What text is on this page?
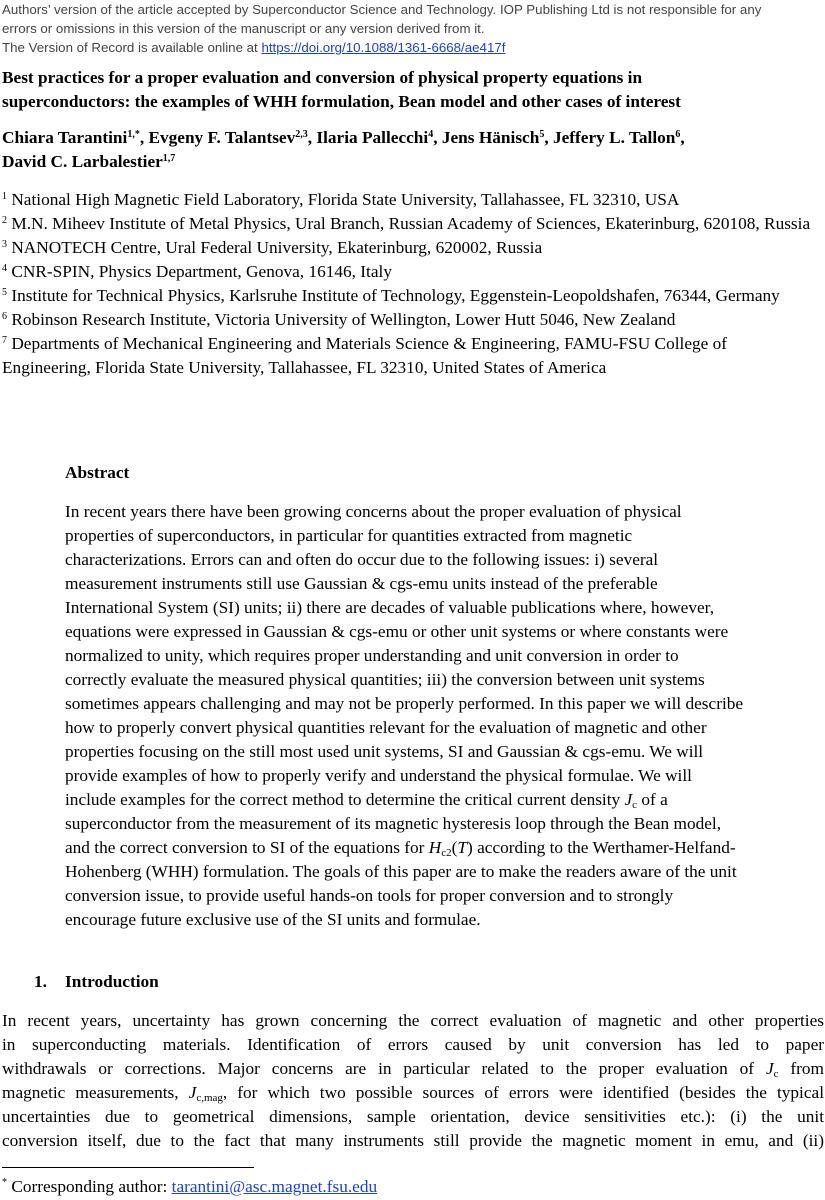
Authors’ version of the article accepted by Superconductor Science and Technology. IOP Publishing Ltd is not responsible for any
errors or omissions in this version of the manuscript or any version derived from it.
The Version of Record is available online at https://doi.org/10.1088/1361-6668/ae417f
Best practices for a proper evaluation and conversion of physical property equations in
superconductors: the examples of WHH formulation, Bean model and other cases of interest
Chiara Tarantini$^{1,*}$, Evgeny F. Talantsev$^{2,3}$, Ilaria Pallecchi$^4$, Jens Hänisch$^5$, Jeffery L. Tallon$^6$,
David C. Larbalestier$^{1,7}$
$^1$ National High Magnetic Field Laboratory, Florida State University, Tallahassee, FL 32310, USA
$^2$ M.N. Miheev Institute of Metal Physics, Ural Branch, Russian Academy of Sciences, Ekaterinburg, 620108, Russia
$^3$ NANOTECH Centre, Ural Federal University, Ekaterinburg, 620002, Russia
$^4$ CNR-SPIN, Physics Department, Genova, 16146, Italy
$^5$ Institute for Technical Physics, Karlsruhe Institute of Technology, Eggenstein-Leopoldshafen, 76344, Germany
$^6$ Robinson Research Institute, Victoria University of Wellington, Lower Hutt 5046, New Zealand
$^7$ Departments of Mechanical Engineering and Materials Science & Engineering, FAMU-FSU College of Engineering, Florida State University, Tallahassee, FL 32310, United States of America
Abstract
In recent years there have been growing concerns about the proper evaluation of physical
properties of superconductors, in particular for quantities extracted from magnetic
characterizations. Errors can and often do occur due to the following issues: i) several
measurement instruments still use Gaussian & cgs-emu units instead of the preferable
International System (SI) units; ii) there are decades of valuable publications where, however,
equations were expressed in Gaussian & cgs-emu or other unit systems or where constants were
normalized to unity, which requires proper understanding and unit conversion in order to
correctly evaluate the measured physical quantities; iii) the conversion between unit systems
sometimes appears challenging and may not be properly performed. In this paper we will describe
how to properly convert physical quantities relevant for the evaluation of magnetic and other
properties focusing on the still most used unit systems, SI and Gaussian & cgs-emu. We will
provide examples of how to properly verify and understand the physical formulae. We will
include examples for the correct method to determine the critical current density $J_c$ of a
superconductor from the measurement of its magnetic hysteresis loop through the Bean model,
and the correct conversion to SI of the equations for $H_{c2}(T)$ according to the Werthamer-Helfand-
Hohenberg (WHH) formulation. The goals of this paper are to make the readers aware of the unit
conversion issue, to provide useful hands-on tools for proper conversion and to strongly
encourage future exclusive use of the SI units and formulae.
1. Introduction
In recent years, uncertainty has grown concerning the correct evaluation of magnetic and other properties
in superconducting materials. Identification of errors caused by unit conversion has led to paper
withdrawals or corrections. Major concerns are in particular related to the proper evaluation of $J_c$ from
magnetic measurements, $J_{c,mag}$, for which two possible sources of errors were identified (besides the typical
uncertainties due to geometrical dimensions, sample orientation, device sensitivities etc.): (i) the unit
conversion itself, due to the fact that many instruments still provide the magnetic moment in emu, and (ii)
* Corresponding author: tarantini@asc.magnet.fsu.edu
